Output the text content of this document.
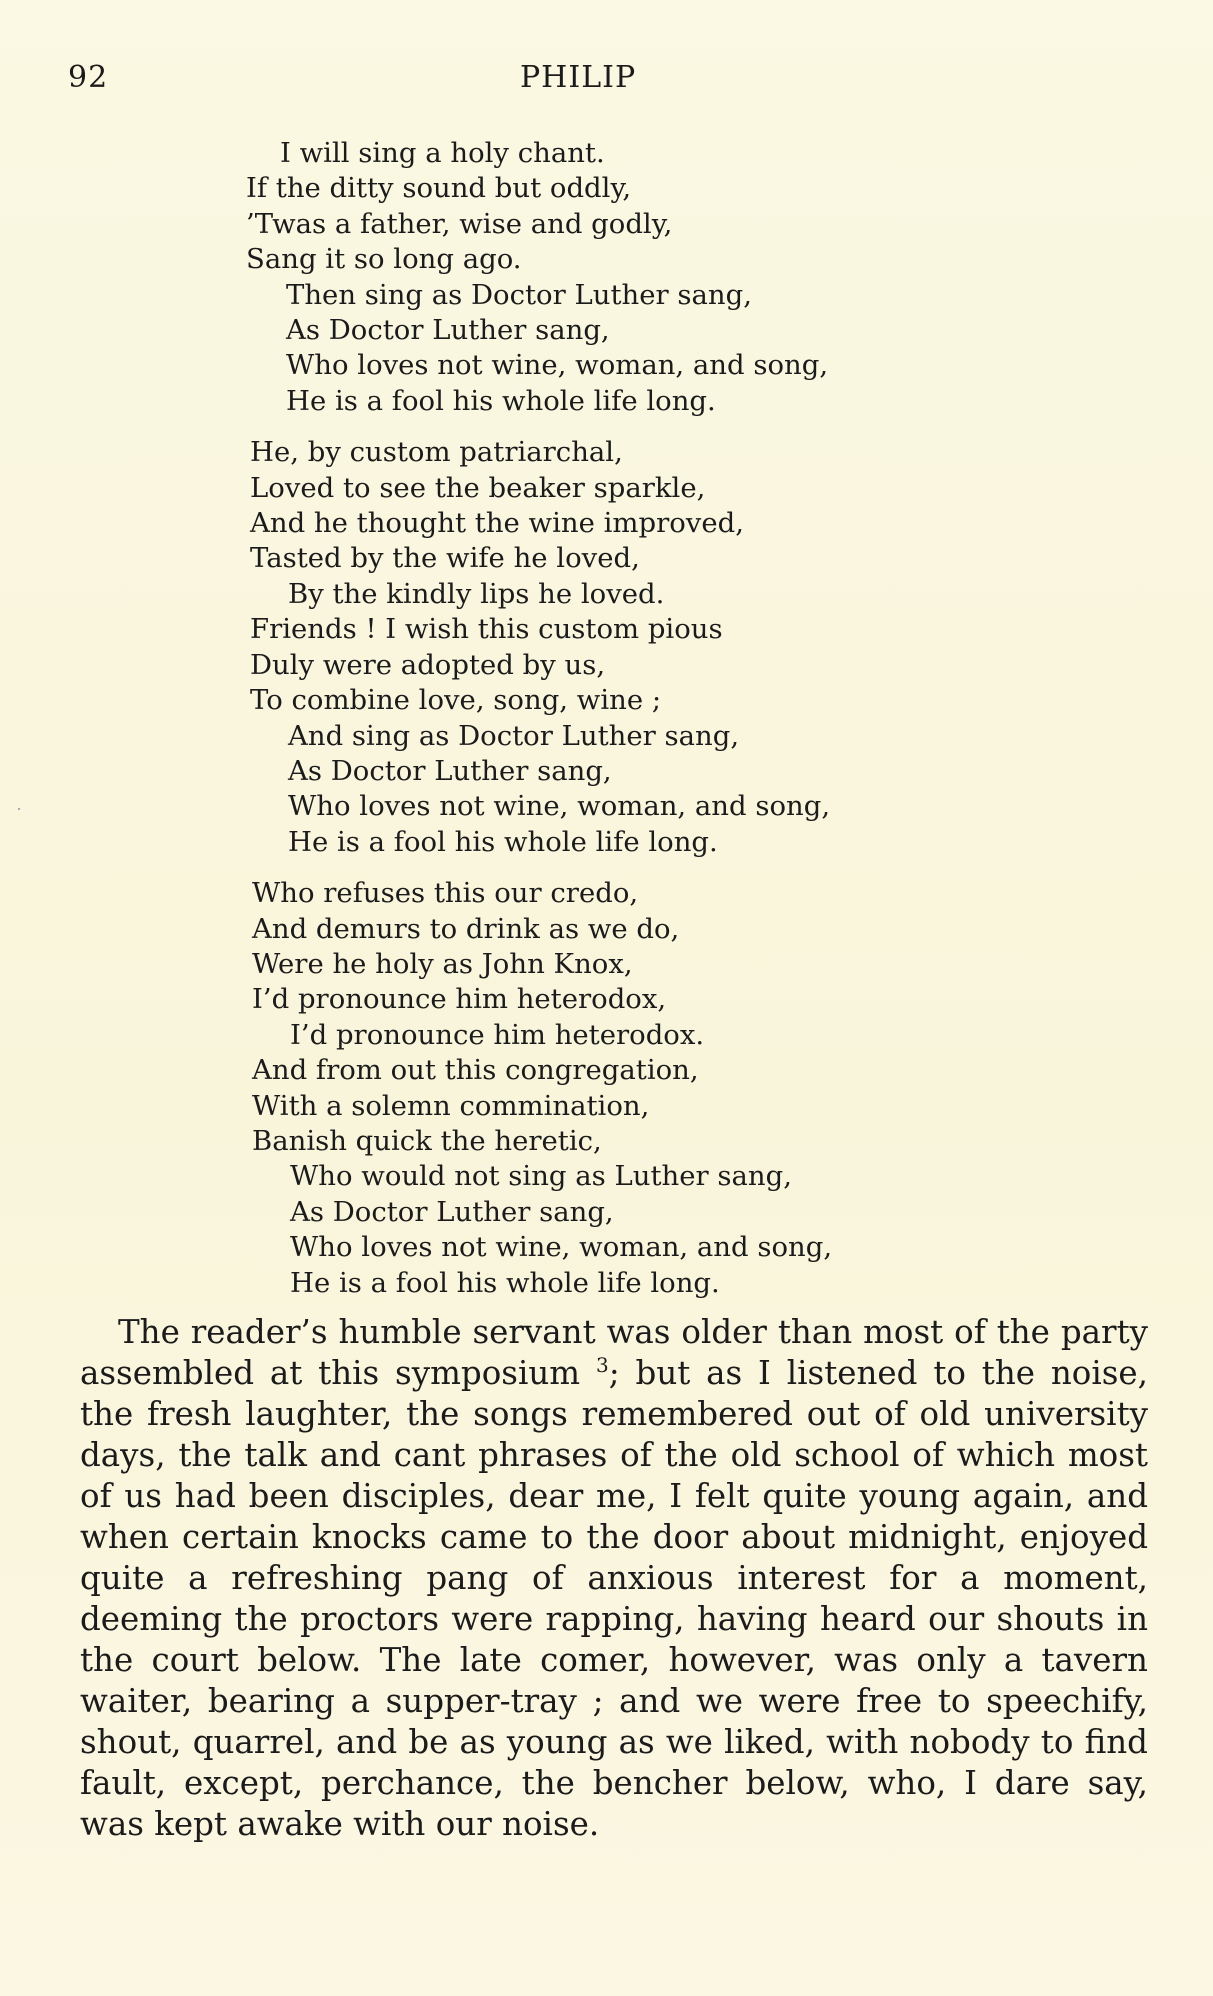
92	PHILIP
I will sing a holy chant.
If the ditty sound but oddly,
’Twas a father, wise and godly,
Sang it so long ago.
Then sing as Doctor Luther sang,
As Doctor Luther sang,
Who loves not wine, woman, and song,
He is a fool his whole life long.
He, by custom patriarchal,
Loved to see the beaker sparkle,
And he thought the wine improved,
Tasted by the wife he loved,
By the kindly lips he loved.
Friends ! I wish this custom pious
Duly were adopted by us,
To combine love, song, wine ;
And sing as Doctor Luther sang,
As Doctor Luther sang,
Who loves not wine, woman, and song,
He is a fool his whole life long.
Who refuses this our credo,
And demurs to drink as we do,
Were he holy as John Knox,
I’d pronounce him heterodox,
I’d pronounce him heterodox.
And from out this congregation,
With a solemn commination,
Banish quick the heretic,
Who would not sing as Luther sang,
As Doctor Luther sang,
Who loves not wine, woman, and song,
He is a fool his whole life long.

The reader’s humble servant was older than most of the party assembled at this symposium $^3$; but as I listened to the noise, the fresh laughter, the songs remembered out of old university days, the talk and cant phrases of the old school of which most of us had been disciples, dear me, I felt quite young again, and when certain knocks came to the door about midnight, enjoyed quite a refreshing pang of anxious interest for a moment, deeming the proctors were rapping, having heard our shouts in the court below. The late comer, however, was only a tavern waiter, bearing a supper-tray ; and we were free to speechify, shout, quarrel, and be as young as we liked, with nobody to find fault, except, perchance, the bencher below, who, I dare say, was kept awake with our noise.
